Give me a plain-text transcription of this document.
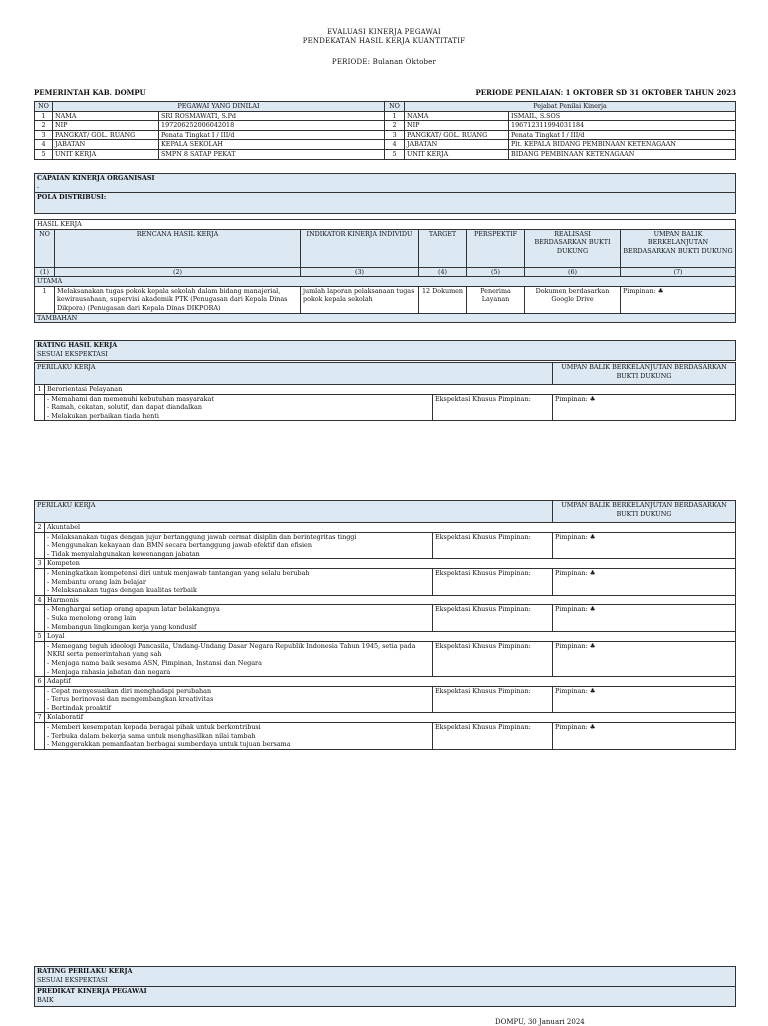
EVALUASI KINERJA PEGAWAI
PENDEKATAN HASIL KERJA KUANTITATIF
PERIODE: Bulanan Oktober
PEMERINTAH KAB. DOMPU	PERIODE PENILAIAN: 1 OKTOBER SD 31 OKTOBER TAHUN 2023
NO	PEGAWAI YANG DINILAI		NO	Pejabat Penilai Kinerja	
1	NAMA	SRI ROSMAWATI, S.Pd	1	NAMA	ISMAIL, S.SOS
2	NIP	197206252006042018	2	NIP	196712311994031184
3	PANGKAT/ GOL. RUANG	Penata Tingkat I / III/d	3	PANGKAT/ GOL. RUANG	Penata Tingkat I / III/d
4	JABATAN	KEPALA SEKOLAH	4	JABATAN	Plt. KEPALA BIDANG PEMBINAAN KETENAGAAN
5	UNIT KERJA	SMPN 8 SATAP PEKAT	5	UNIT KERJA	BIDANG PEMBINAAN KETENAGAAN
CAPAIAN KINERJA ORGANISASI
-

POLA DISTRIBUSI:
HASIL KERJA						
NO	RENCANA HASIL KERJA	INDIKATOR KINERJA INDIVIDU	TARGET	PERSPEKTIF	REALISASI BERDASARKAN BUKTI DUKUNG	UMPAN BALIK BERKELANJUTAN BERDASARKAN BUKTI DUKUNG
(1)	(2)	(3)	(4)	(5)	(6)	(7)
UTAMA						
1	Melaksanakan tugas pokok kepala sekolah dalam bidang manajerial, kewirausahaan, supervisi akademik PTK (Penugasan dari Kepala Dinas Dikpora) (Penugasan dari Kepala Dinas DIKPORA)	jumlah laporan pelaksanaan tugas pokok kepala sekolah	12 Dokumen	Penerima Layanan	Dokumen berdasarkan Google Drive	Pimpinan: ♣
TAMBAHAN						
RATING HASIL KERJA
SESUAI EKSPEKTASI
PERILAKU KERJA			UMPAN BALIK BERKELANJUTAN BERDASARKAN BUKTI DUKUNG
1	Berorientasi Pelayanan		
	- Memahami dan memenuhi kebutuhan masyarakat
- Ramah, cekatan, solutif, dan dapat diandalkan
- Melakukan perbaikan tiada henti	Ekspektasi Khusus Pimpinan:	Pimpinan: ♣
PERILAKU KERJA			UMPAN BALIK BERKELANJUTAN BERDASARKAN BUKTI DUKUNG
2	Akuntabel		
	- Melaksanakan tugas dengan jujur bertanggung jawab cermat disiplin dan berintegritas tinggi
- Menggunakan kekayaan dan BMN secara bertanggung jawab efektif dan efisien
- Tidak menyalahgunakan kewenangan jabatan	Ekspektasi Khusus Pimpinan:	Pimpinan: ♣
3	Kompeten		
	- Meningkatkan kompetensi diri untuk menjawab tantangan yang selalu berubah
- Membantu orang lain belajar
- Melaksanakan tugas dengan kualitas terbaik	Ekspektasi Khusus Pimpinan:	Pimpinan: ♣
4	Harmonis		
	- Menghargai setiap orang apapun latar belakangnya
- Suka menolong orang lain
- Membangun lingkungan kerja yang kondusif	Ekspektasi Khusus Pimpinan:	Pimpinan: ♣
5	Loyal		
	- Memegang teguh ideologi Pancasila, Undang-Undang Dasar Negara Republik Indonesia Tahun 1945, setia pada NKRI serta pemerintahan yang sah
- Menjaga nama baik sesama ASN, Pimpinan, Instansi dan Negara
- Menjaga rahasia jabatan dan negara	Ekspektasi Khusus Pimpinan:	Pimpinan: ♣
6	Adaptif		
	- Cepat menyesuaikan diri menghadapi perubahan
- Terus berinovasi dan mengembangkan kreativitas
- Bertindak proaktif	Ekspektasi Khusus Pimpinan:	Pimpinan: ♣
7	Kolaboratif		
	- Memberi kesempatan kepada beragai pihak untuk berkontribusi
- Terbuka dalam bekerja sama untuk menghasilkan nilai tambah
- Menggerakkan pemanfaatan berbagai sumberdaya untuk tujuan bersama	Ekspektasi Khusus Pimpinan:	Pimpinan: ♣
RATING PERILAKU KERJA
SESUAI EKSPEKTASI

PREDIKAT KINERJA PEGAWAI
BAIK
DOMPU, 30 Januari 2024
